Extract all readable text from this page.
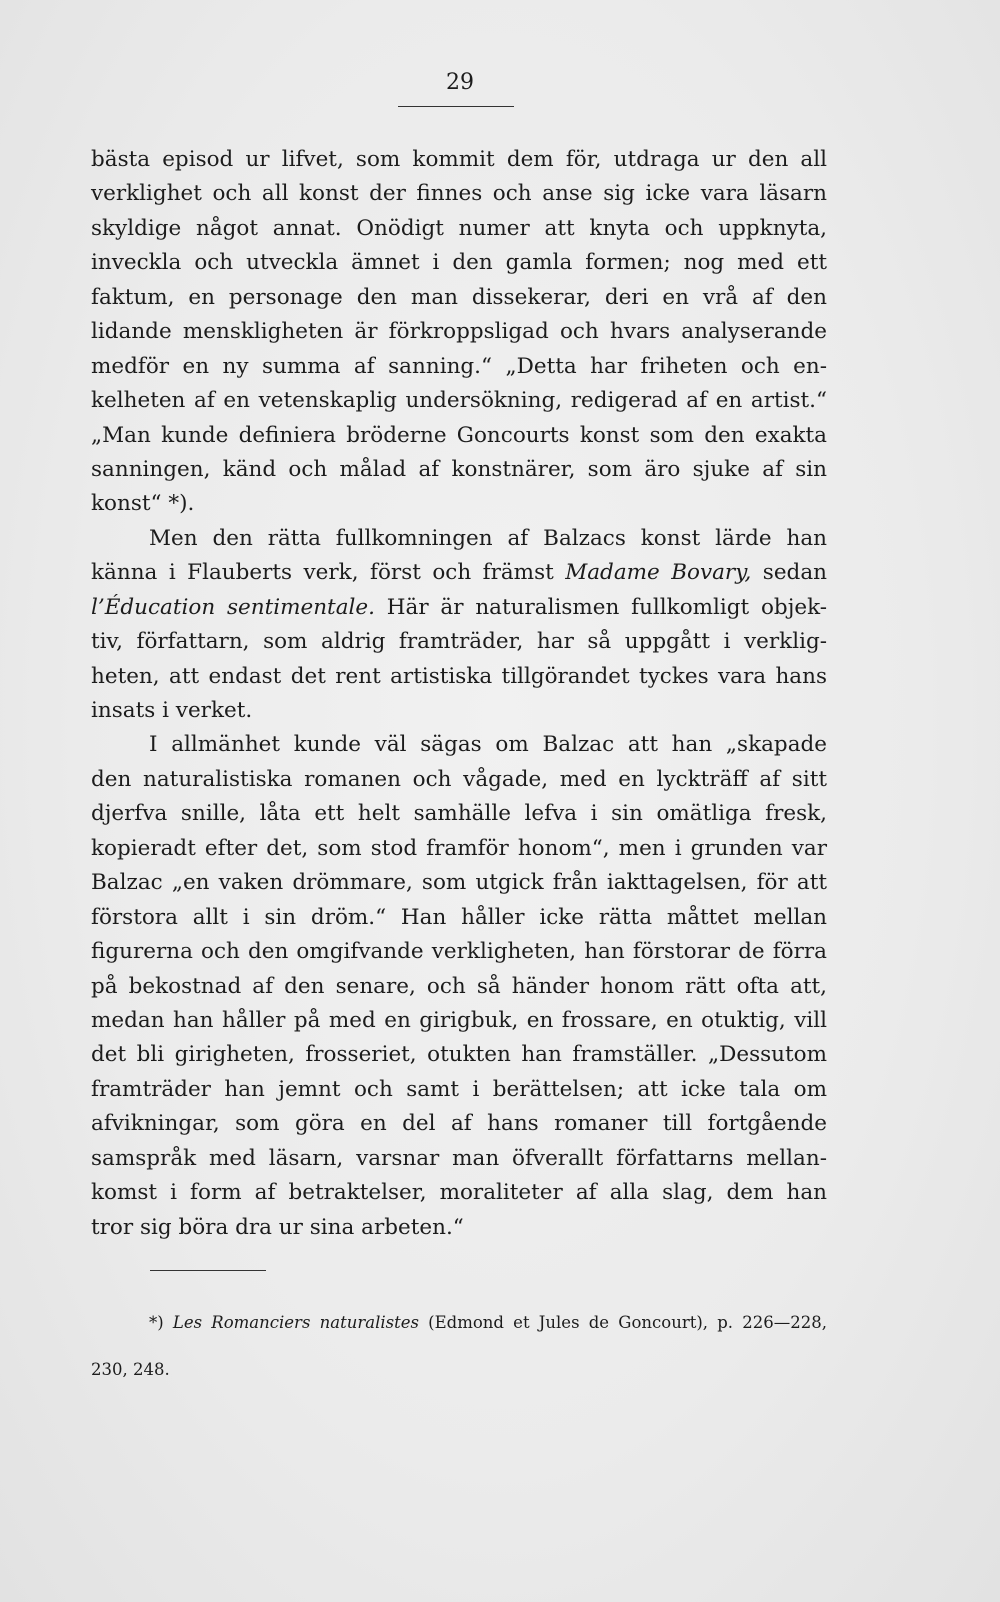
29

bästa episod ur lifvet, som kommit dem för, utdraga ur den all

verklighet och all konst der finnes och anse sig icke vara läsarn

skyldige något annat. Onödigt numer att knyta och uppknyta,

inveckla och utveckla ämnet i den gamla formen; nog med ett

faktum, en personage den man dissekerar, deri en vrå af den

lidande menskligheten är förkroppsligad och hvars analyserande

medför en ny summa af sanning.“ „Detta har friheten och en-

kelheten af en vetenskaplig undersökning, redigerad af en artist.“

„Man kunde definiera bröderne Goncourts konst som den exakta

sanningen, känd och målad af konstnärer, som äro sjuke af sin

konst“ *).

Men den rätta fullkomningen af Balzacs konst lärde han

känna i Flauberts verk, först och främst Madame Bovary, sedan

l’Éducation sentimentale. Här är naturalismen fullkomligt objek-

tiv, författarn, som aldrig framträder, har så uppgått i verklig-

heten, att endast det rent artistiska tillgörandet tyckes vara hans

insats i verket.

I allmänhet kunde väl sägas om Balzac att han „skapade

den naturalistiska romanen och vågade, med en lyckträff af sitt

djerfva snille, låta ett helt samhälle lefva i sin omätliga fresk,

kopieradt efter det, som stod framför honom“, men i grunden var

Balzac „en vaken drömmare, som utgick från iakttagelsen, för att

förstora allt i sin dröm.“ Han håller icke rätta måttet mellan

figurerna och den omgifvande verkligheten, han förstorar de förra

på bekostnad af den senare, och så händer honom rätt ofta att,

medan han håller på med en girigbuk, en frossare, en otuktig, vill

det bli girigheten, frosseriet, otukten han framställer. „Dessutom

framträder han jemnt och samt i berättelsen; att icke tala om

afvikningar, som göra en del af hans romaner till fortgående

samspråk med läsarn, varsnar man öfverallt författarns mellan-

komst i form af betraktelser, moraliteter af alla slag, dem han

tror sig böra dra ur sina arbeten.“

*) Les Romanciers naturalistes (Edmond et Jules de Goncourt), p. 226—228,

230, 248.
